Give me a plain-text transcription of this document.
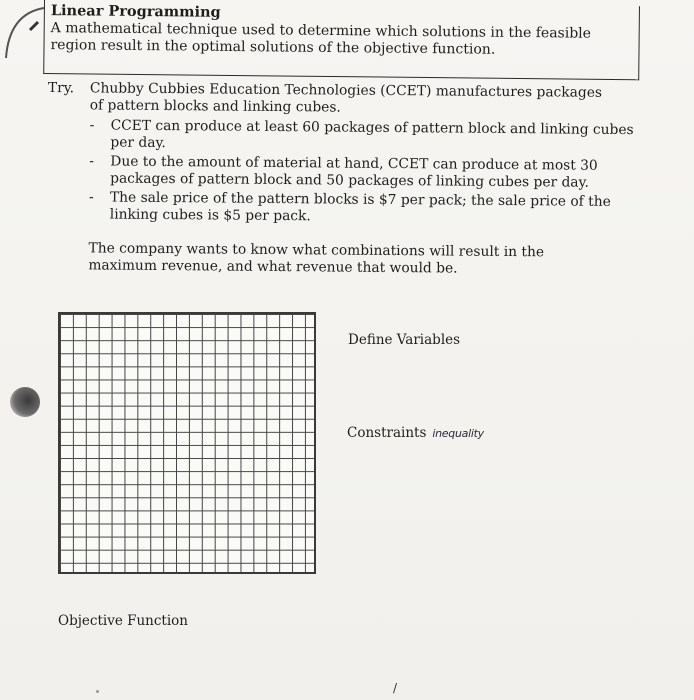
Linear Programming
A mathematical technique used to determine which solutions in the feasible region result in the optimal solutions of the objective function.
Try. Chubby Cubbies Education Technologies (CCET) manufactures packages of pattern blocks and linking cubes.
- CCET can produce at least 60 packages of pattern block and linking cubes per day.
- Due to the amount of material at hand, CCET can produce at most 30 packages of pattern block and 50 packages of linking cubes per day.
- The sale price of the pattern blocks is $7 per pack; the sale price of the linking cubes is $5 per pack.
The company wants to know what combinations will result in the maximum revenue, and what revenue that would be.
Define Variables
Constraints inequality
Objective Function
/
